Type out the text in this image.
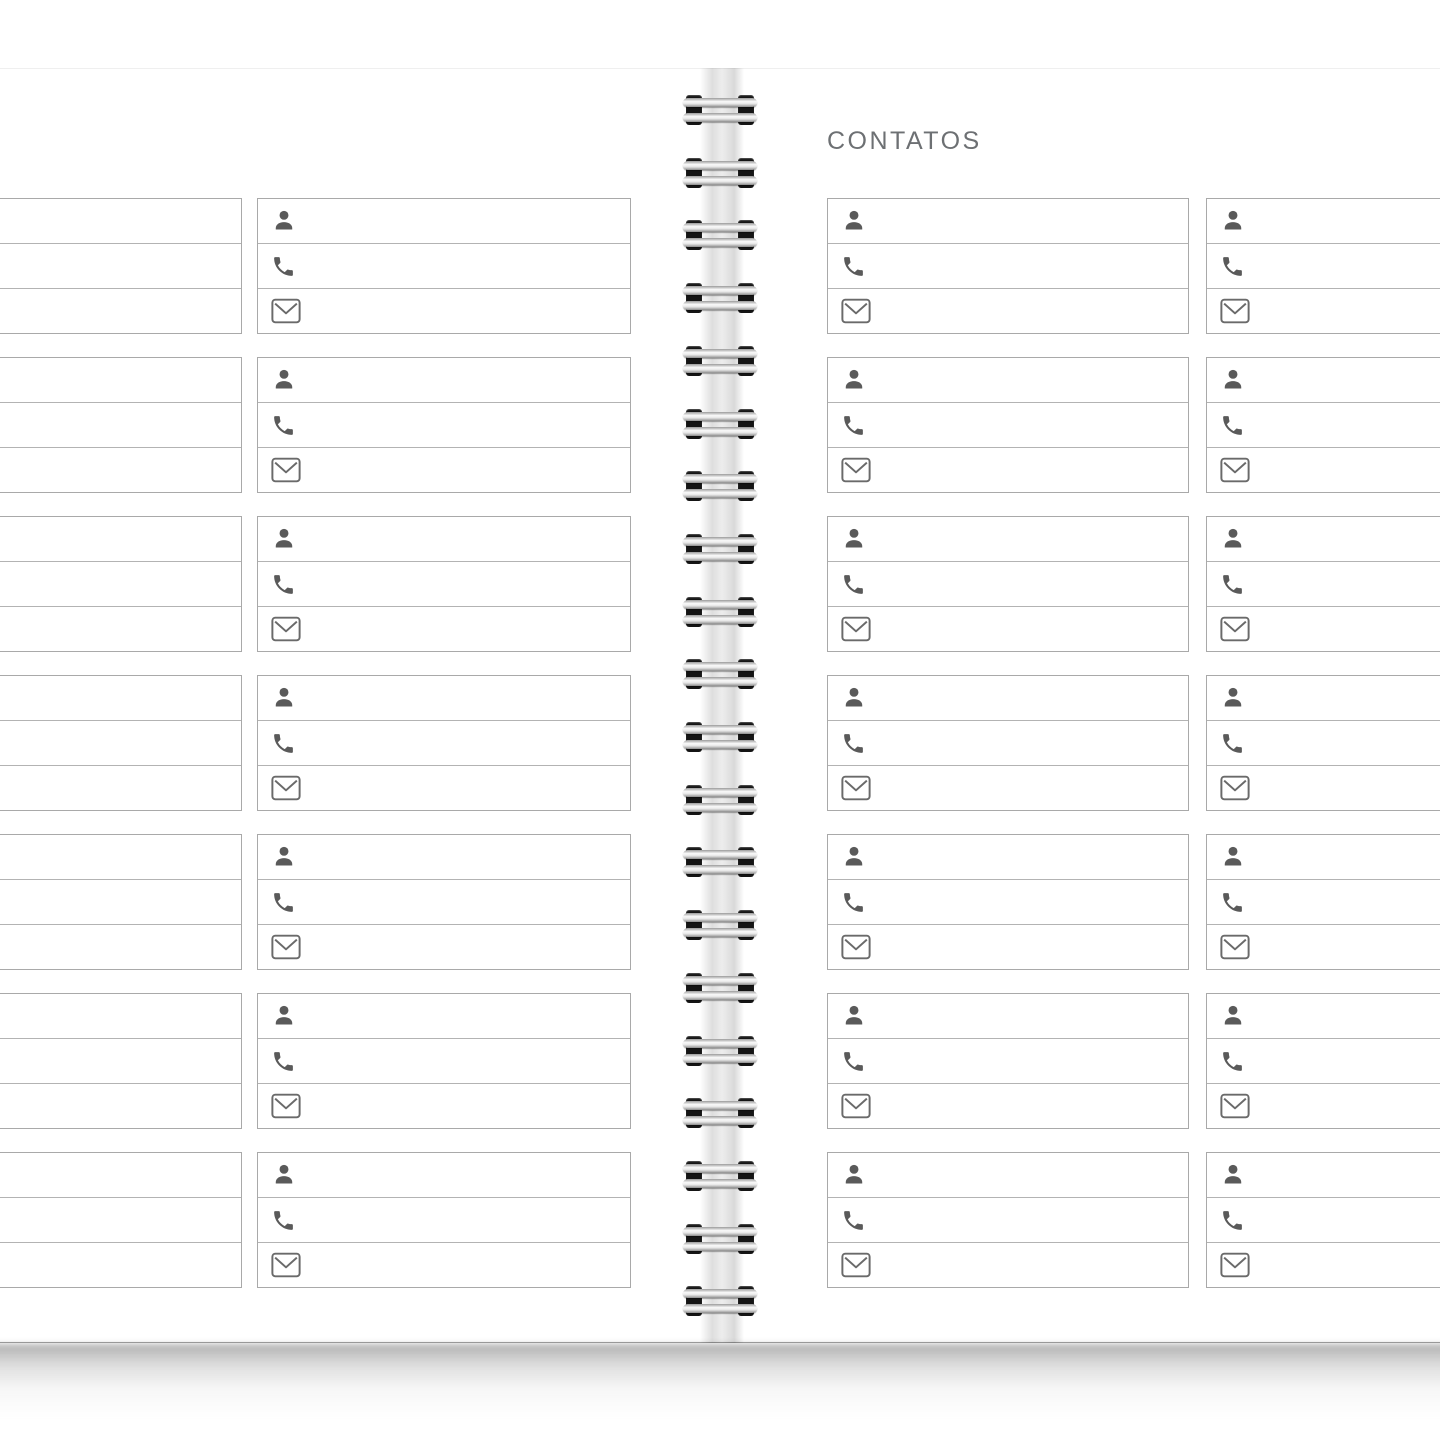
CONTATOS
